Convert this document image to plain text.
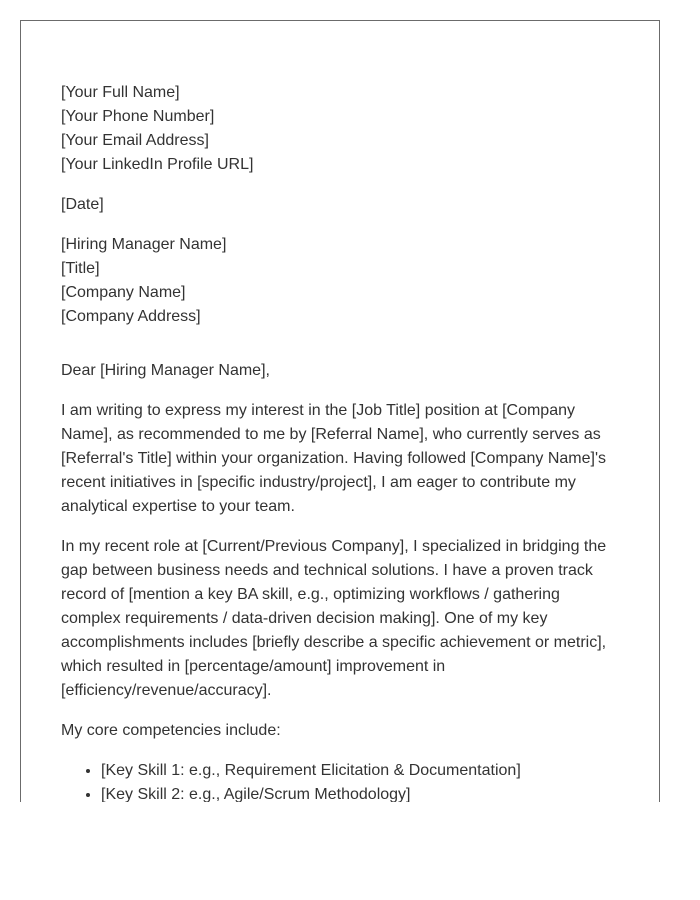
[Your Full Name]
[Your Phone Number]
[Your Email Address]
[Your LinkedIn Profile URL]
[Date]
[Hiring Manager Name]
[Title]
[Company Name]
[Company Address]

Dear [Hiring Manager Name],

I am writing to express my interest in the [Job Title] position at [Company Name], as recommended to me by [Referral Name], who currently serves as [Referral's Title] within your organization. Having followed [Company Name]'s recent initiatives in [specific industry/project], I am eager to contribute my analytical expertise to your team.

In my recent role at [Current/Previous Company], I specialized in bridging the gap between business needs and technical solutions. I have a proven track record of [mention a key BA skill, e.g., optimizing workflows / gathering complex requirements / data-driven decision making]. One of my key accomplishments includes [briefly describe a specific achievement or metric], which resulted in [percentage/amount] improvement in [efficiency/revenue/accuracy].

My core competencies include:

• [Key Skill 1: e.g., Requirement Elicitation & Documentation]
• [Key Skill 2: e.g., Agile/Scrum Methodology]
